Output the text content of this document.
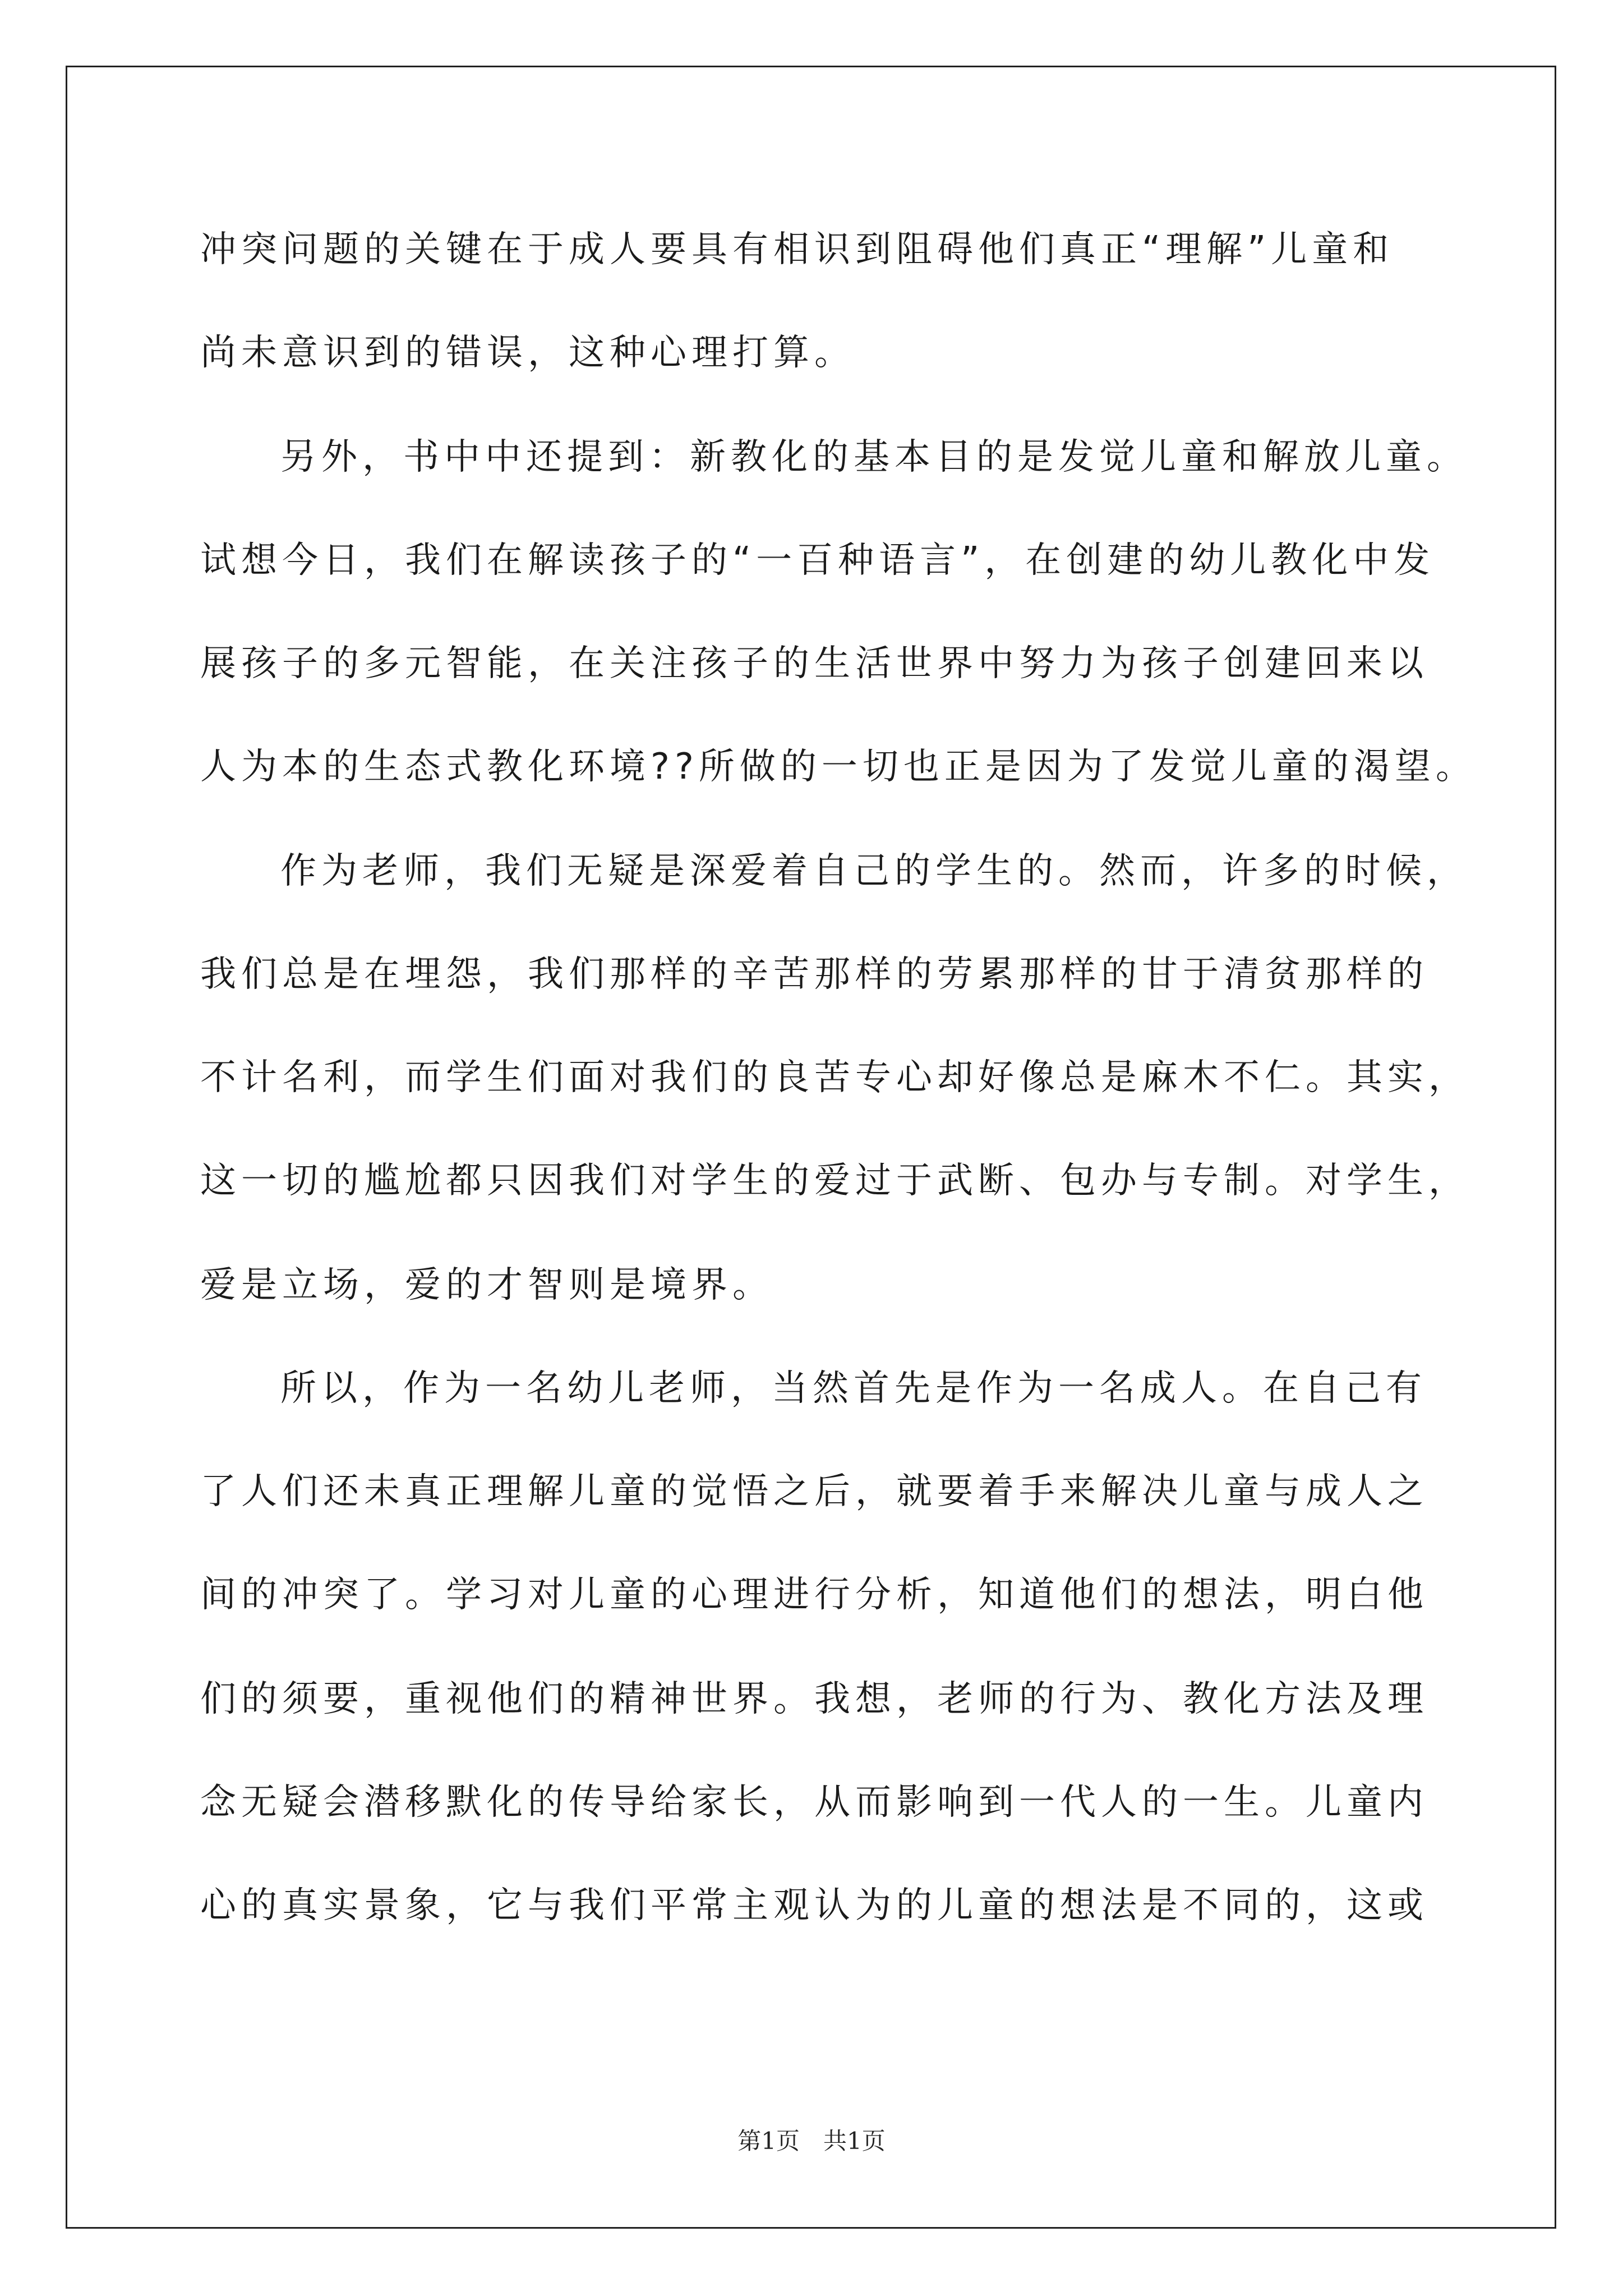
冲突问题的关键在于成人要具有相识到阻碍他们真正“理解”儿童和
尚未意识到的错误，这种心理打算。
另外，书中中还提到：新教化的基本目的是发觉儿童和解放儿童。
试想今日，我们在解读孩子的“一百种语言”，在创建的幼儿教化中发
展孩子的多元智能，在关注孩子的生活世界中努力为孩子创建回来以
人为本的生态式教化环境??所做的一切也正是因为了发觉儿童的渴望。
作为老师，我们无疑是深爱着自己的学生的。然而，许多的时候，
我们总是在埋怨，我们那样的辛苦那样的劳累那样的甘于清贫那样的
不计名利，而学生们面对我们的良苦专心却好像总是麻木不仁。其实，
这一切的尴尬都只因我们对学生的爱过于武断、包办与专制。对学生，
爱是立场，爱的才智则是境界。
所以，作为一名幼儿老师，当然首先是作为一名成人。在自己有
了人们还未真正理解儿童的觉悟之后，就要着手来解决儿童与成人之
间的冲突了。学习对儿童的心理进行分析，知道他们的想法，明白他
们的须要，重视他们的精神世界。我想，老师的行为、教化方法及理
念无疑会潜移默化的传导给家长，从而影响到一代人的一生。儿童内
心的真实景象，它与我们平常主观认为的儿童的想法是不同的，这或
第1页 共1页
